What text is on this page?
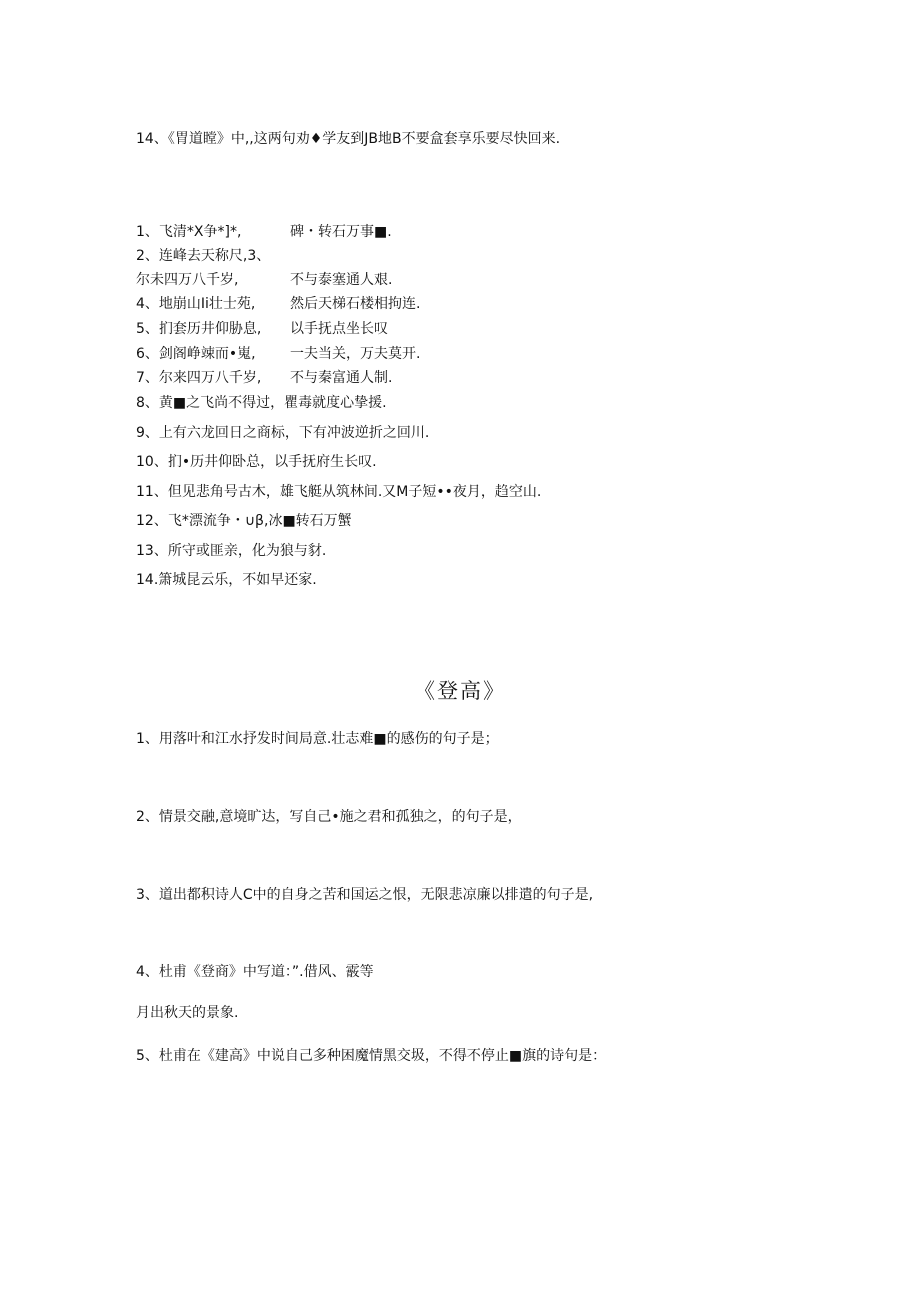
14、《胃道瞠》中,,这两句劝♦学友到JB地B不要盒套享乐要尽快回来.
1、飞清*X争*]*,	碑・转石万事■.
2、连峰去天称尺,3、
尔未四万八千岁,	不与泰塞通人艰.
4、地崩山Ii壮士苑, 然后天梯石楼相拘连.
5、扪套历井仰胁息, 以手抚点坐长叹
6、剑阁峥竦而•嵬, 一夫当关，万夫莫开.
7、尔来四万八千岁, 不与秦富通人制.
8、黄■之飞尚不得过，瞿毒就度心挚援.
9、上有六龙回日之商标，下有冲波逆折之回川.
10、扪•历井仰卧总，以手抚府生长叹.
11、但见悲角号古木，雄飞艇从筑林间.又M子短••夜月，趋空山.
12、飞*漂流争・∪β,冰■转石万蟹
13、所守或匪亲，化为狼与豺.
14.箫城昆云乐，不如早还家.
《登高》
1、用落叶和江水抒发时间局意.壮志难■的感伤的句子是；
2、情景交融,意境旷达，写自己•施之君和孤独之，的句子是，
3、道出都积诗人C中的自身之苦和国运之恨，无限悲凉廉以排遣的句子是,
4、杜甫《登商》中写道：”.借风、霰等
月出秋天的景象.
5、杜甫在《建高》中说自己多种困魔情黑交圾，不得不停止■旗的诗句是：
